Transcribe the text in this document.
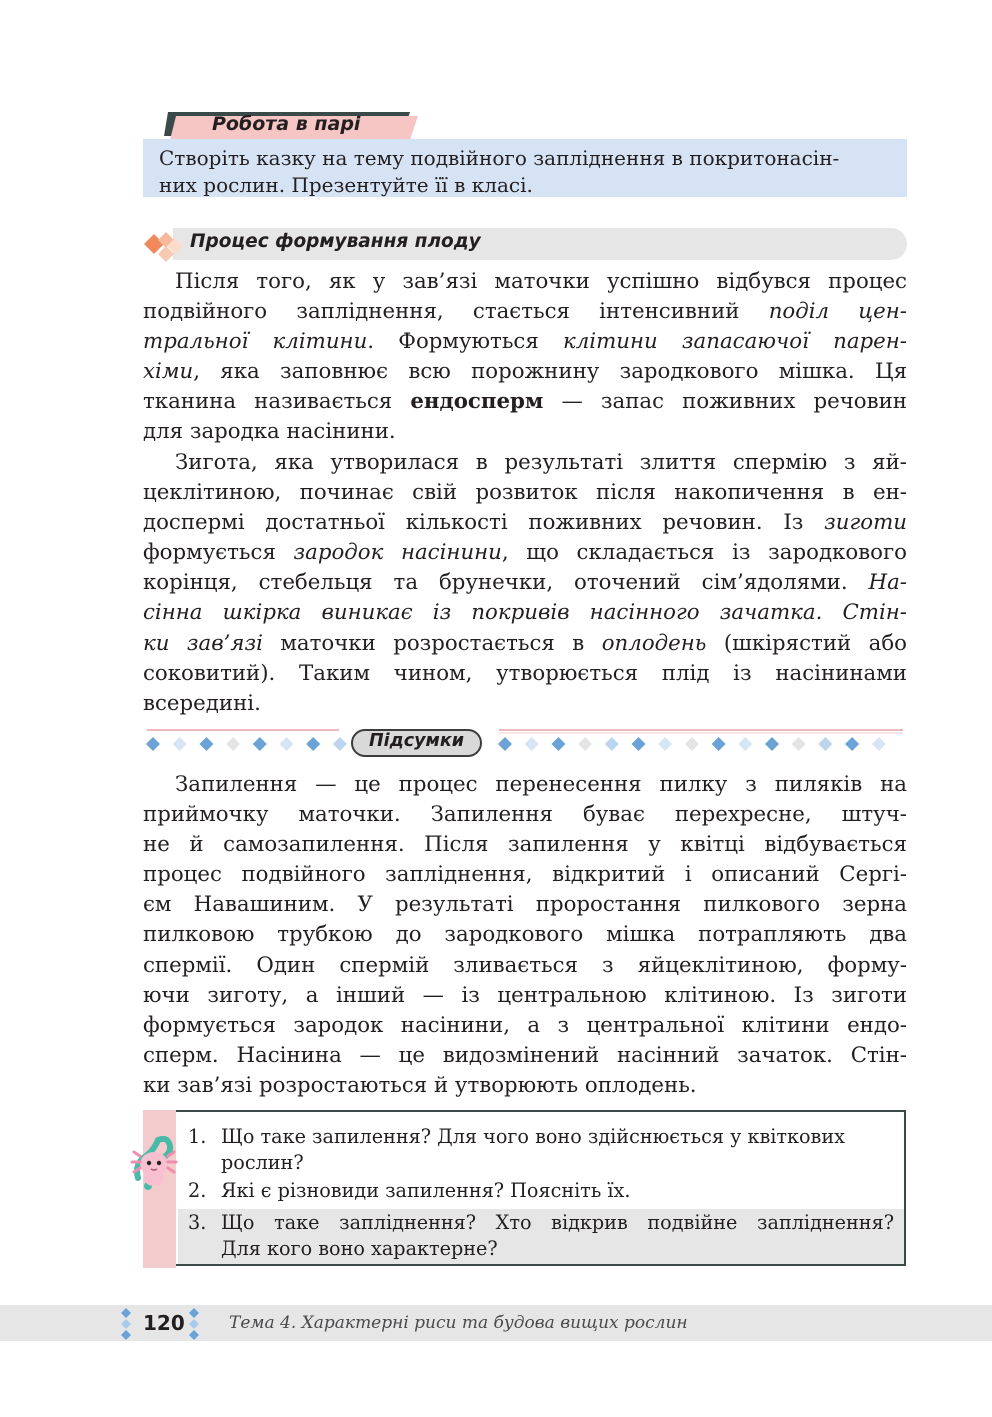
Робота в парі

Створіть казку на тему подвійного запліднення в покритонасін-
них рослин. Презентуйте її в класі.

Процес формування плоду
Після того, як у зав’язі маточки успішно відбувся процес
подвійного запліднення, стається інтенсивний поділ цен-
тральної клітини. Формуються клітини запасаючої парен-
хіми, яка заповнює всю порожнину зародкового мішка. Ця
тканина називається ендосперм — запас поживних речовин
для зародка насінини.
Зигота, яка утворилася в результаті злиття спермію з яй-
цеклітиною, починає свій розвиток після накопичення в ен-
доспермі достатньої кількості поживних речовин. Із зиготи
формується зародок насінини, що складається із зародкового
корінця, стебельця та брунечки, оточений сім’ядолями. На-
сінна шкірка виникає із покривів насінного зачатка. Стін-
ки зав’язі маточки розростається в оплодень (шкірястий або
соковитий). Таким чином, утворюється плід із насінинами
всередині.
Підсумки
Запилення — це процес перенесення пилку з пиляків на
приймочку маточки. Запилення буває перехресне, штуч-
не й самозапилення. Після запилення у квітці відбувається
процес подвійного запліднення, відкритий і описаний Сергі-
єм Навашиним. У результаті проростання пилкового зерна
пилковою трубкою до зародкового мішка потрапляють два
спермії. Один спермій зливається з яйцеклітиною, форму-
ючи зиготу, а інший — із центральною клітиною. Із зиготи
формується зародок насінини, а з центральної клітини ендо-
сперм. Насінина — це видозмінений насінний зачаток. Стін-
ки зав’язі розростаються й утворюють оплодень.
1. Що таке запилення? Для чого воно здійснюється у квіткових
рослин?
2. Які є різновиди запилення? Поясніть їх.
3. Що таке запліднення? Хто відкрив подвійне запліднення?
Для кого воно характерне?
120	Тема 4. Характерні риси та будова вищих рослин
